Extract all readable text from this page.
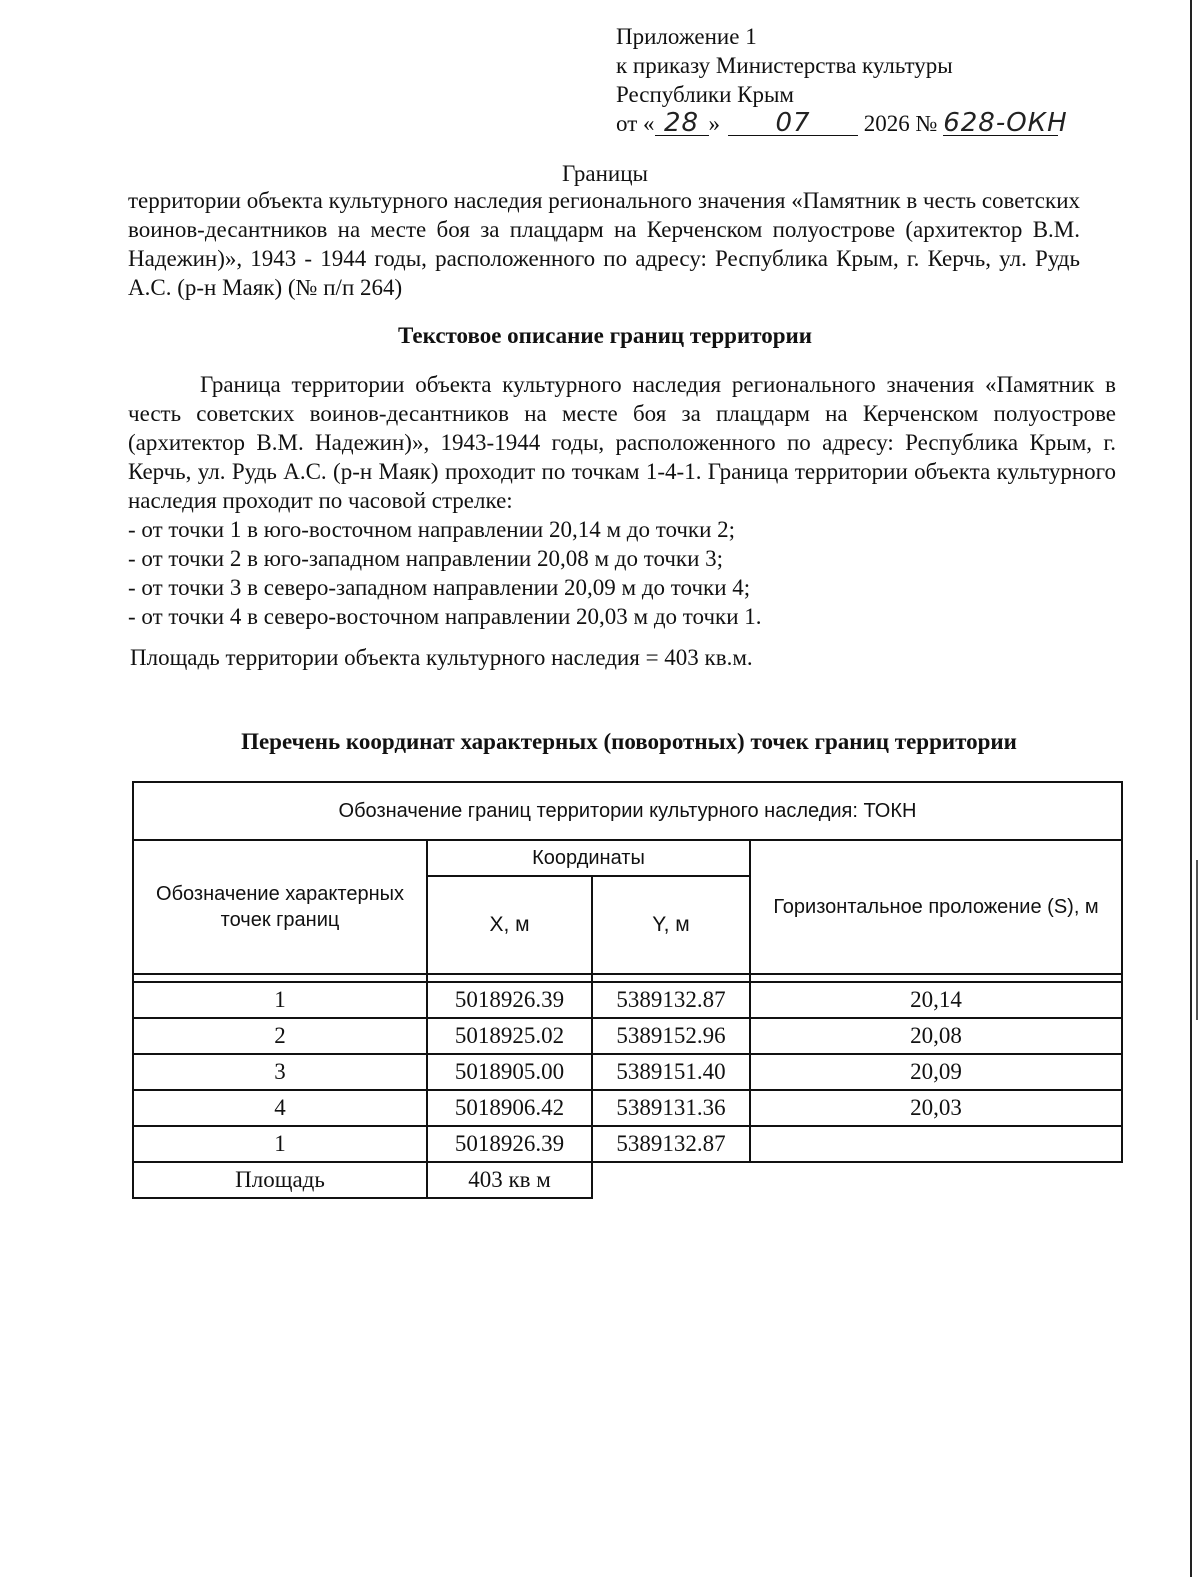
Приложение 1
к приказу Министерства культуры
Республики Крым
от « 28 » 07 2026 № 628-ОКН
Границы
территории объекта культурного наследия регионального значения «Памятник в честь советских воинов-десантников на месте боя за плацдарм на Керченском полуострове (архитектор В.М. Надежин)», 1943 - 1944 годы, расположенного по адресу: Республика Крым, г. Керчь, ул. Рудь А.С. (р-н Маяк) (№ п/п 264)
Текстовое описание границ территории

Граница территории объекта культурного наследия регионального значения «Памятник в честь советских воинов-десантников на месте боя за плацдарм на Керченском полуострове (архитектор В.М. Надежин)», 1943-1944 годы, расположенного по адресу: Республика Крым, г. Керчь, ул. Рудь А.С. (р-н Маяк) проходит по точкам 1-4-1. Граница территории объекта культурного наследия проходит по часовой стрелке:

- от точки 1 в юго-восточном направлении 20,14 м до точки 2;

- от точки 2 в юго-западном направлении 20,08 м до точки 3;

- от точки 3 в северо-западном направлении 20,09 м до точки 4;

- от точки 4 в северо-восточном направлении 20,03 м до точки 1.

Площадь территории объекта культурного наследия = 403 кв.м.
Перечень координат характерных (поворотных) точек границ территории
Обозначение границ территории культурного наследия: ТОКН			
Обозначение характерных точек границ	Координаты		Горизонтальное проложение (S), м
	X, м	Y, м	

1	5018926.39	5389132.87	20,14
2	5018925.02	5389152.96	20,08
3	5018905.00	5389151.40	20,09
4	5018906.42	5389131.36	20,03
1	5018926.39	5389132.87	
Площадь	403 кв м		
